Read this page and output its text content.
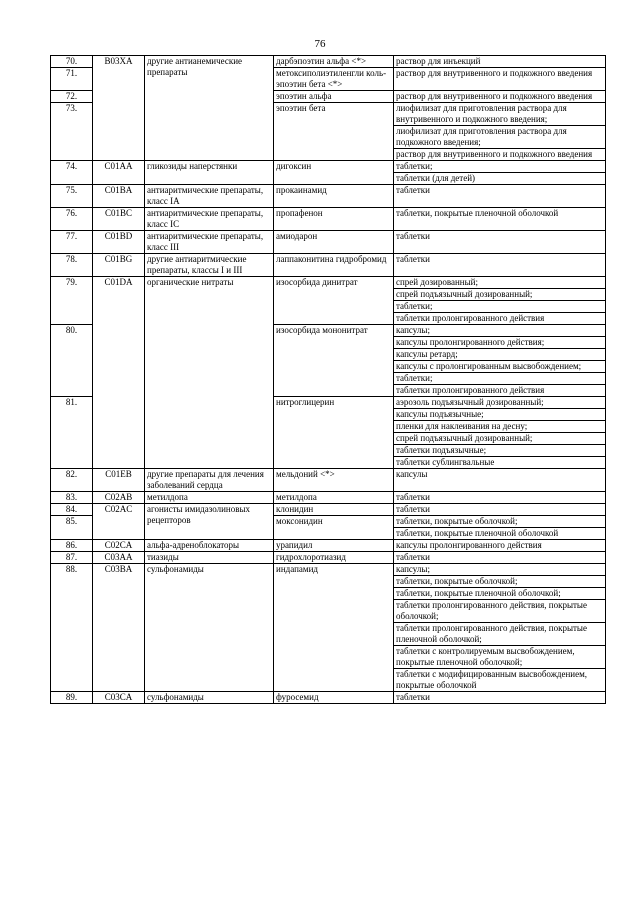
76
70.	B03XA	другие антианемические препараты	дарбэпоэтин альфа <*>	раствор для инъекций
71.			метоксиполиэтиленгли коль-эпоэтин бета <*>	раствор для внутривенного и подкожного введения
72.			эпоэтин альфа	раствор для внутривенного и подкожного введения
73.			эпоэтин бета	лиофилизат для приготовления раствора для внутривенного и подкожного введения;
				лиофилизат для приготовления раствора для подкожного введения;
				раствор для внутривенного и подкожного введения
74.	C01AA	гликозиды наперстянки	дигоксин	таблетки;
				таблетки (для детей)
75.	C01BA	антиаритмические препараты, класс IA	прокаинамид	таблетки
76.	C01BC	антиаритмические препараты, класс IC	пропафенон	таблетки, покрытые пленочной оболочкой
77.	C01BD	антиаритмические препараты, класс III	амиодарон	таблетки
78.	C01BG	другие антиаритмические препараты, классы I и III	лаппаконитина гидробромид	таблетки
79.	C01DA	органические нитраты	изосорбида динитрат	спрей дозированный;
				спрей подъязычный дозированный;
				таблетки;
				таблетки пролонгированного действия
80.			изосорбида мононитрат	капсулы;
				капсулы пролонгированного действия;
				капсулы ретард;
				капсулы с пролонгированным высвобождением;
				таблетки;
				таблетки пролонгированного действия
81.			нитроглицерин	аэрозоль подъязычный дозированный;
				капсулы подъязычные;
				пленки для наклеивания на десну;
				спрей подъязычный дозированный;
				таблетки подъязычные;
				таблетки сублингвальные
82.	C01EB	другие препараты для лечения заболеваний сердца	мельдоний <*>	капсулы
83.	C02AB	метилдопа	метилдопа	таблетки
84.	C02AC	агонисты имидазолиновых рецепторов	клонидин	таблетки
85.			моксонидин	таблетки, покрытые оболочкой;
				таблетки, покрытые пленочной оболочкой
86.	C02CA	альфа-адреноблокаторы	урапидил	капсулы пролонгированного действия
87.	C03AA	тиазиды	гидрохлоротиазид	таблетки
88.	C03BA	сульфонамиды	индапамид	капсулы;
				таблетки, покрытые оболочкой;
				таблетки, покрытые пленочной оболочкой;
				таблетки пролонгированного действия, покрытые оболочкой;
				таблетки пролонгированного действия, покрытые пленочной оболочкой;
				таблетки с контролируемым высвобождением, покрытые пленочной оболочкой;
				таблетки с модифицированным высвобождением, покрытые оболочкой
89.	C03CA	сульфонамиды	фуросемид	таблетки
